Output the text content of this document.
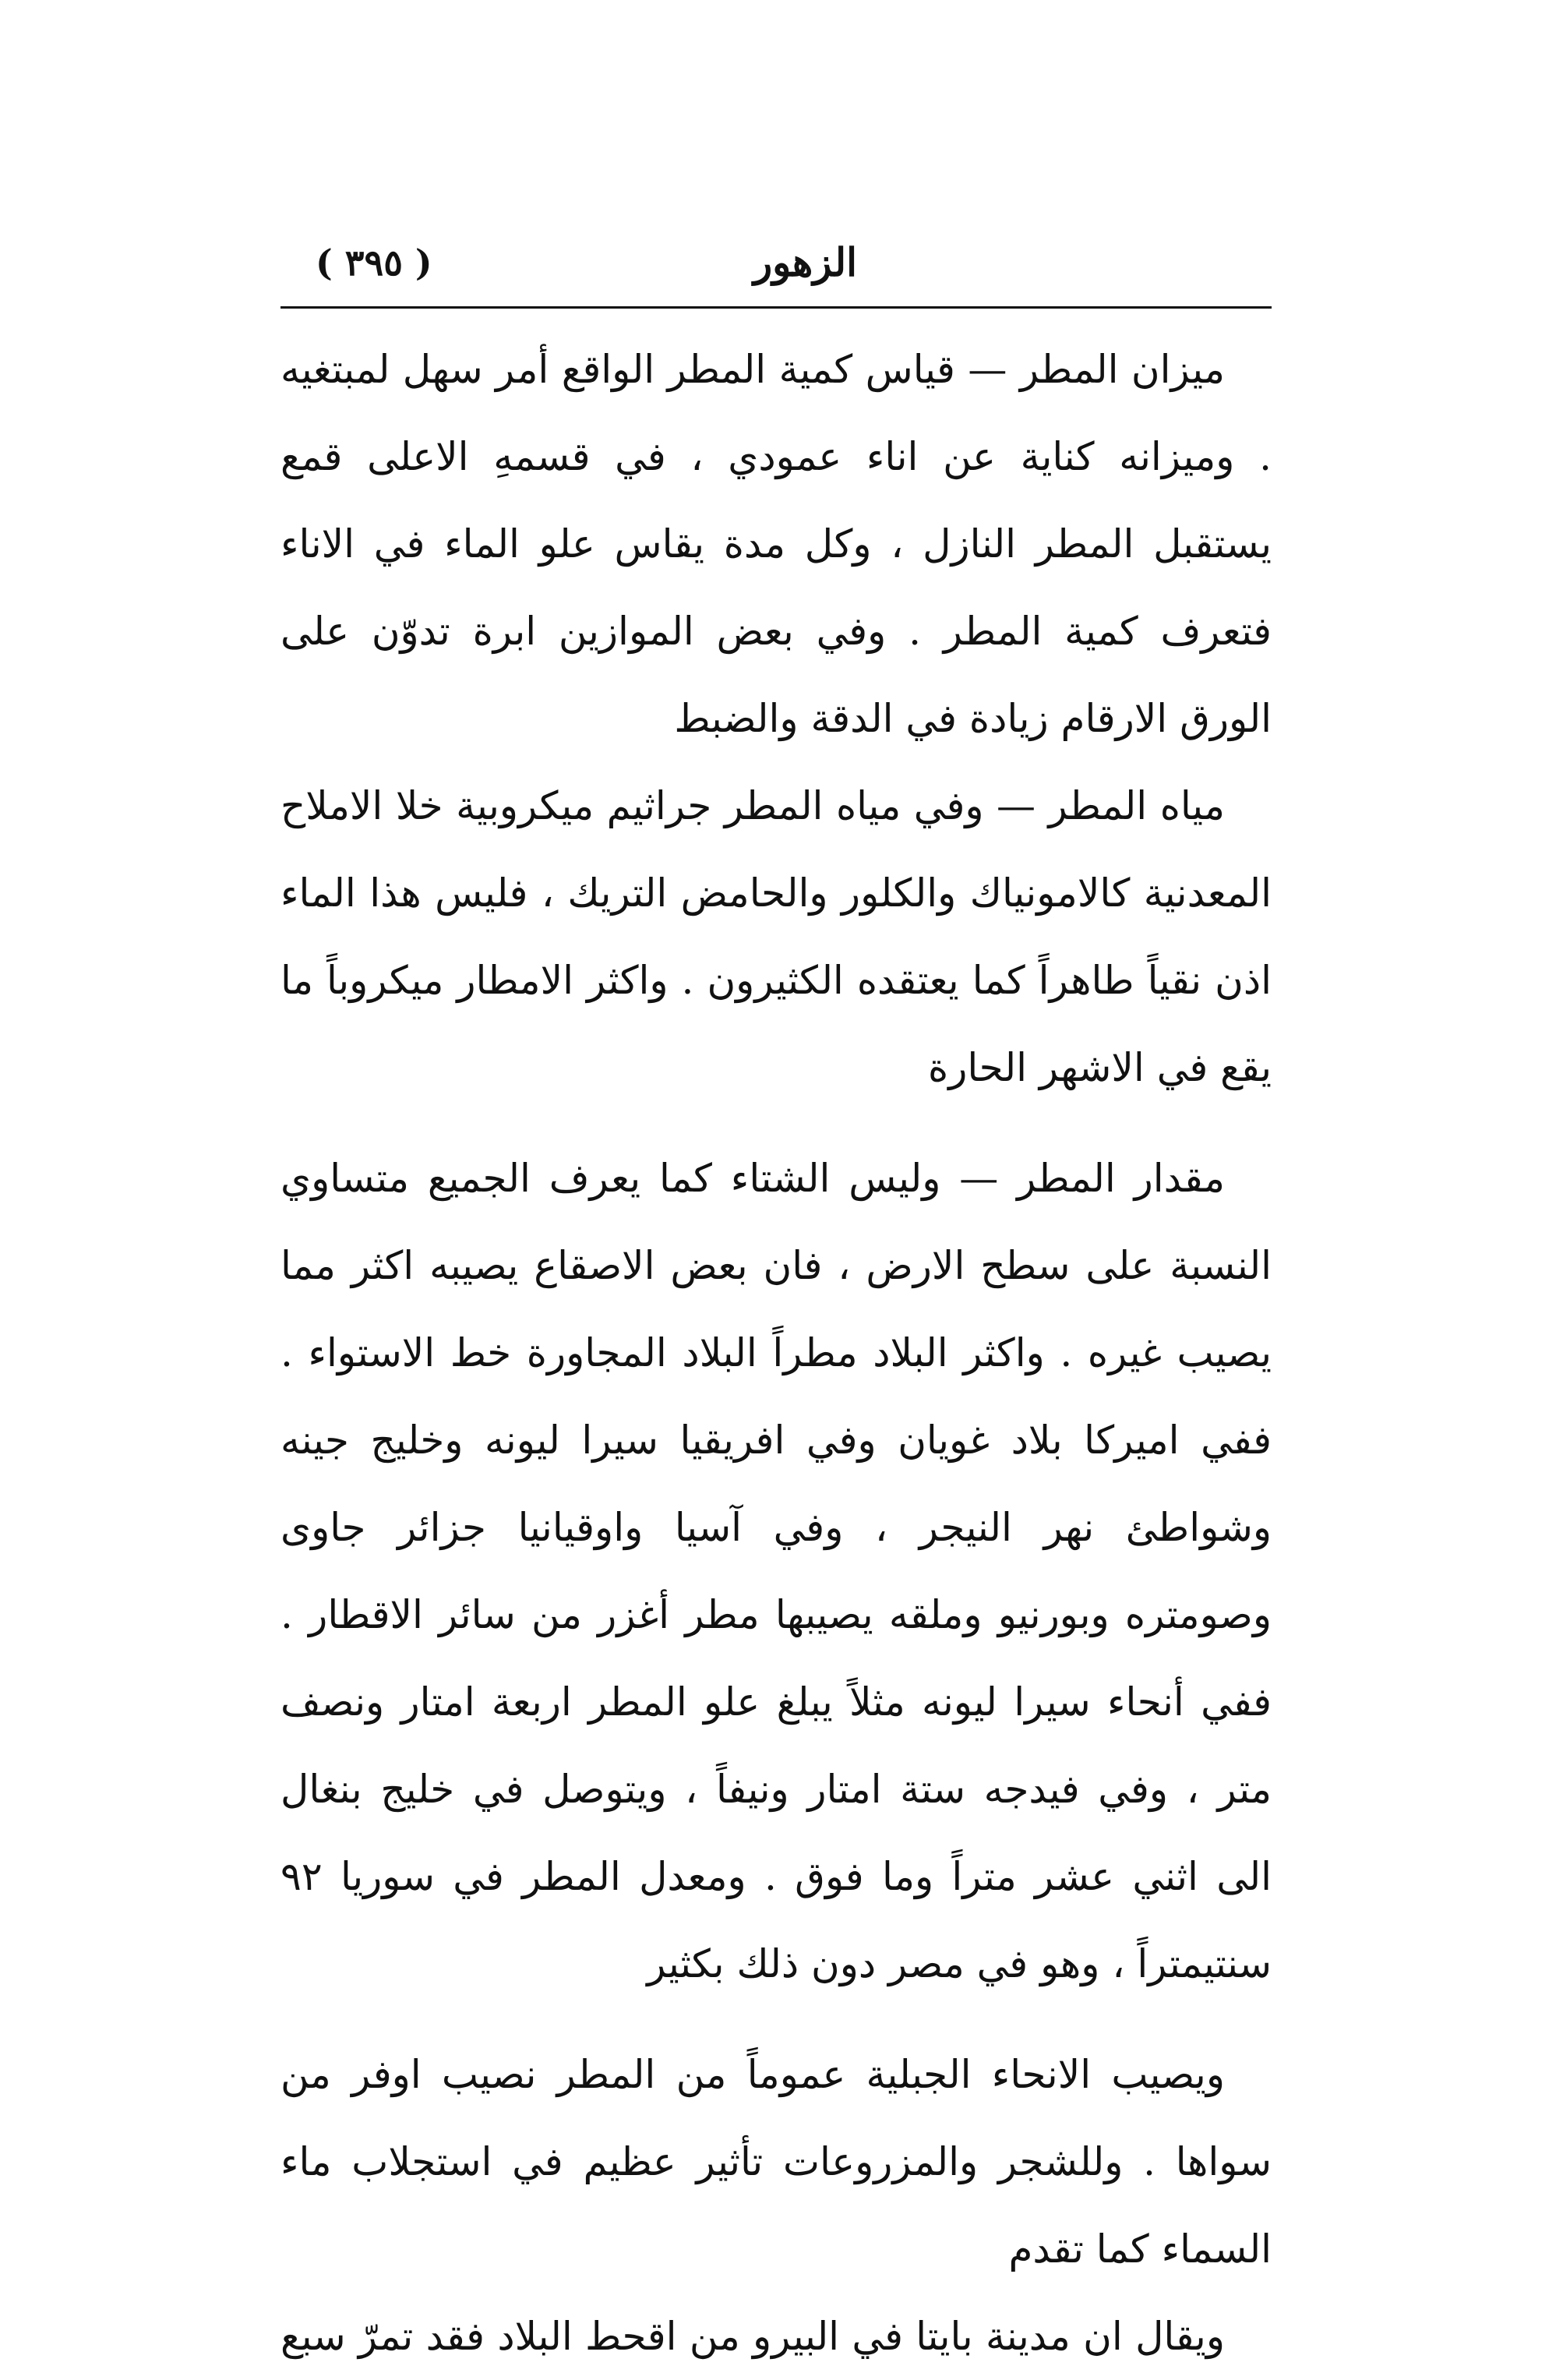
الزهور
( ٣٩٥ )

ميزان المطر — قياس كمية المطر الواقع أمر سهل لمبتغيه . وميزانه كناية عن اناء عمودي ، في قسمهِ الاعلى قمع يستقبل المطر النازل ، وكل مدة يقاس علو الماء في الاناء فتعرف كمية المطر . وفي بعض الموازين ابرة تدوّن على الورق الارقام زيادة في الدقة والضبط

مياه المطر — وفي مياه المطر جراثيم ميكروبية خلا الاملاح المعدنية كالامونياك والكلور والحامض التريك ، فليس هذا الماء اذن نقياً طاهراً كما يعتقده الكثيرون . واكثر الامطار ميكروباً ما يقع في الاشهر الحارة

مقدار المطر — وليس الشتاء كما يعرف الجميع متساوي النسبة على سطح الارض ، فان بعض الاصقاع يصيبه اكثر مما يصيب غيره . واكثر البلاد مطراً البلاد المجاورة خط الاستواء . ففي اميركا بلاد غويان وفي افريقيا سيرا ليونه وخليج جينه وشواطئ نهر النيجر ، وفي آسيا واوقيانيا جزائر جاوى وصومتره وبورنيو وملقه يصيبها مطر أغزر من سائر الاقطار . ففي أنحاء سيرا ليونه مثلاً يبلغ علو المطر اربعة امتار ونصف متر ، وفي فيدجه ستة امتار ونيفاً ، ويتوصل في خليج بنغال الى اثني عشر متراً وما فوق . ومعدل المطر في سوريا ٩٢ سنتيمتراً ، وهو في مصر دون ذلك بكثير

ويصيب الانحاء الجبلية عموماً من المطر نصيب اوفر من سواها . وللشجر والمزروعات تأثير عظيم في استجلاب ماء السماء كما تقدم

ويقال ان مدينة بايتا في البيرو من اقحط البلاد فقد تمرّ سبع
